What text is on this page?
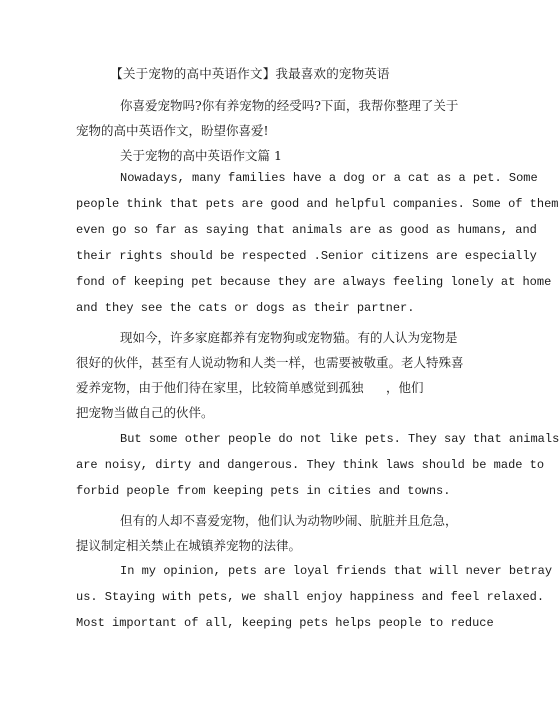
【关于宠物的高中英语作文】我最喜欢的宠物英语
你喜爱宠物吗?你有养宠物的经受吗?下面，我帮你整理了关于
宠物的高中英语作文，盼望你喜爱!
关于宠物的高中英语作文篇 1
Nowadays, many families have a dog or a cat as a pet. Some
people think that pets are good and helpful companies. Some of them
even go so far as saying that animals are as good as humans, and
their rights should be respected .Senior citizens are especially
fond of keeping pet because they are always feeling lonely at home
and they see the cats or dogs as their partner.
现如今，许多家庭都养有宠物狗或宠物猫。有的人认为宠物是
很好的伙伴，甚至有人说动物和人类一样，也需要被敬重。老人特殊喜
爱养宠物，由于他们待在家里，比较简单感觉到孤独 ，他们
把宠物当做自己的伙伴。
But some other people do not like pets. They say that animals
are noisy, dirty and dangerous. They think laws should be made to
forbid people from keeping pets in cities and towns.
但有的人却不喜爱宠物，他们认为动物吵闹、肮脏并且危急，
提议制定相关禁止在城镇养宠物的法律。
In my opinion, pets are loyal friends that will never betray
us. Staying with pets, we shall enjoy happiness and feel relaxed.
Most important of all, keeping pets helps people to reduce
